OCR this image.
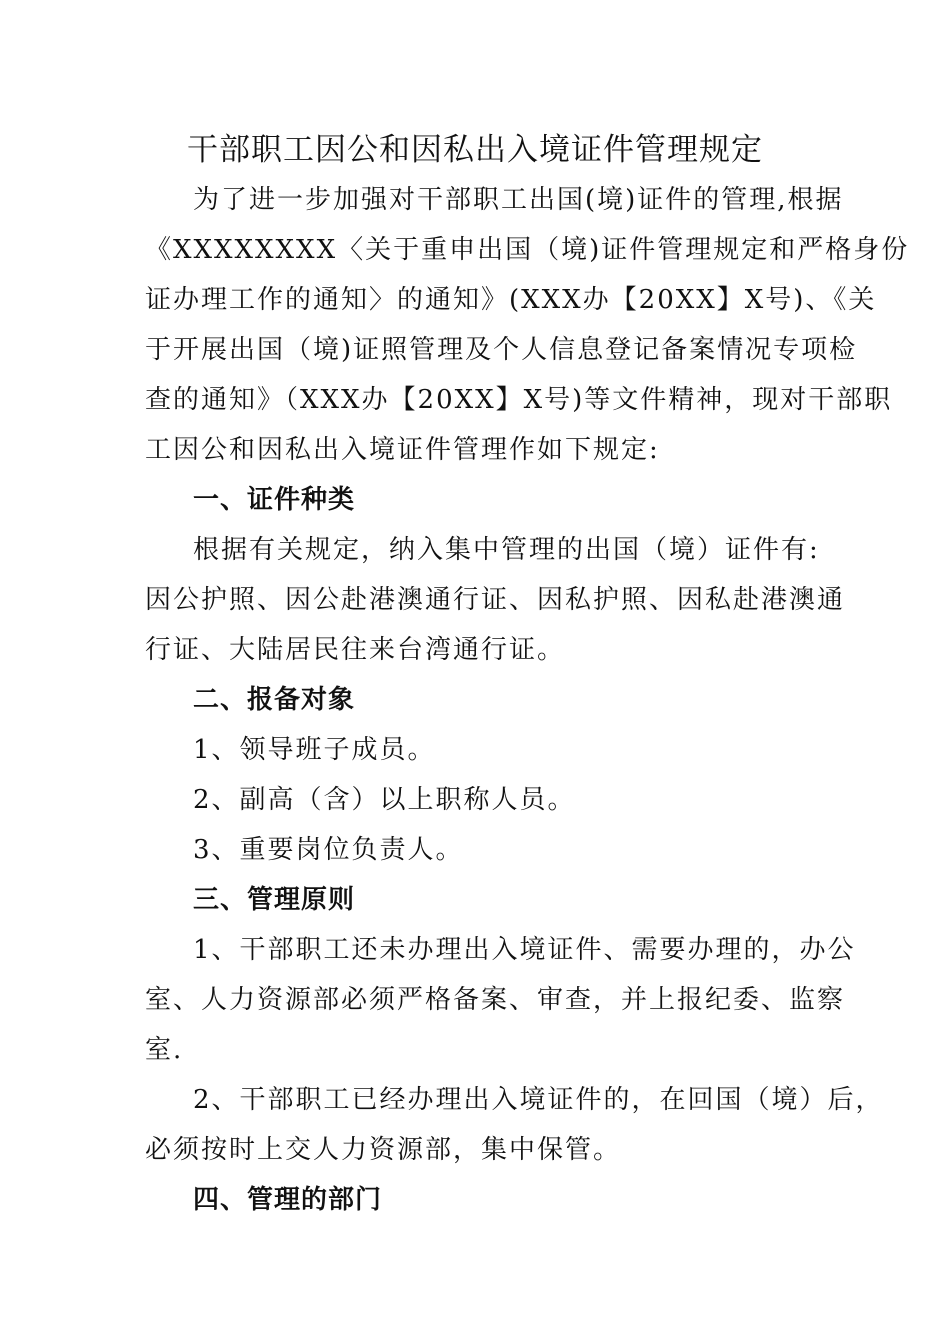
干部职工因公和因私出入境证件管理规定
为了进一步加强对干部职工出国(境)证件的管理,根据
《XXXXXXXX〈关于重申出国（境)证件管理规定和严格身份
证办理工作的通知〉的通知》(XXX办【20XX】X号)、《关
于开展出国（境)证照管理及个人信息登记备案情况专项检
查的通知》（XXX办【20XX】X号)等文件精神，现对干部职
工因公和因私出入境证件管理作如下规定:
一、证件种类
根据有关规定，纳入集中管理的出国（境）证件有:
因公护照、因公赴港澳通行证、因私护照、因私赴港澳通
行证、大陆居民往来台湾通行证。
二、报备对象
1、领导班子成员。
2、副高（含）以上职称人员。
3、重要岗位负责人。
三、管理原则
1、干部职工还未办理出入境证件、需要办理的，办公
室、人力资源部必须严格备案、审查，并上报纪委、监察
室.
2、干部职工已经办理出入境证件的，在回国（境）后，
必须按时上交人力资源部，集中保管。
四、管理的部门
